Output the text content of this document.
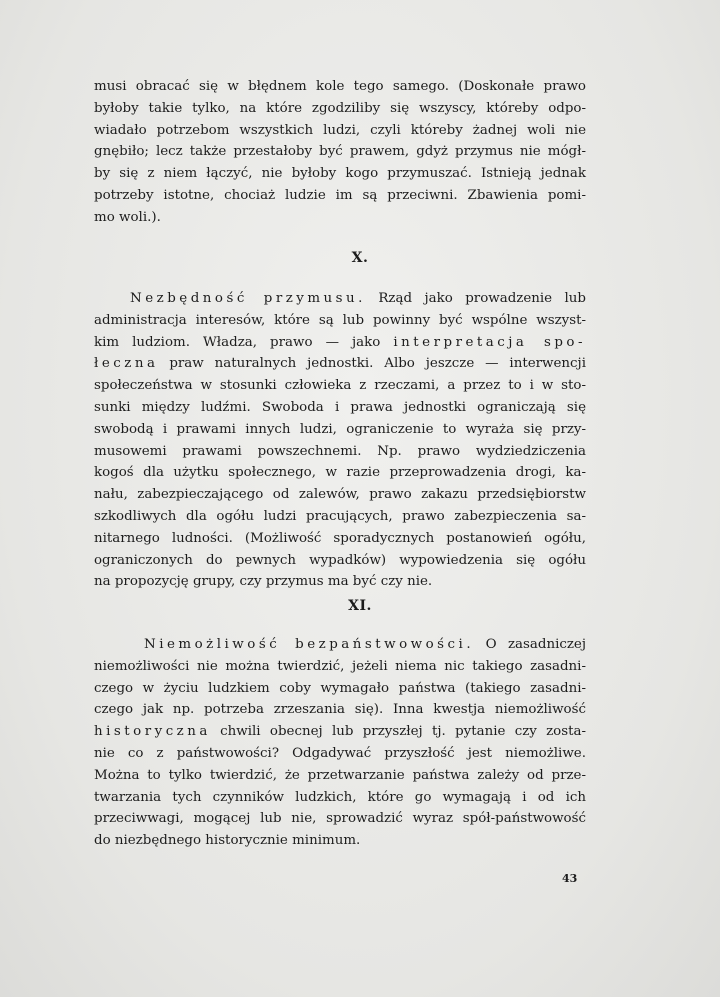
musi obracać się w błędnem kole tego samego. (Doskonałe prawo
byłoby takie tylko, na które zgodziliby się wszyscy, któreby odpo-
wiadało potrzebom wszystkich ludzi, czyli któreby żadnej woli nie
gnębiło; lecz także przestałoby być prawem, gdyż przymus nie mógł-
by się z niem łączyć, nie byłoby kogo przymuszać. Istnieją jednak
potrzeby istotne, chociaż ludzie im są przeciwni. Zbawienia pomi-
mo woli.).
X.
Nezbędność przymusu. Rząd jako prowadzenie lub
administracja interesów, które są lub powinny być wspólne wszyst-
kim ludziom. Władza, prawo — jako interpretacja spo-
łeczna praw naturalnych jednostki. Albo jeszcze — interwencji
społeczeństwa w stosunki człowieka z rzeczami, a przez to i w sto-
sunki między ludźmi. Swoboda i prawa jednostki ograniczają się
swobodą i prawami innych ludzi, ograniczenie to wyraża się przy-
musowemi prawami powszechnemi. Np. prawo wydziedziczenia
kogoś dla użytku społecznego, w razie przeprowadzenia drogi, ka-
nału, zabezpieczającego od zalewów, prawo zakazu przedsiębiorstw
szkodliwych dla ogółu ludzi pracujących, prawo zabezpieczenia sa-
nitarnego ludności. (Możliwość sporadycznych postanowień ogółu,
ograniczonych do pewnych wypadków) wypowiedzenia się ogółu
na propozycję grupy, czy przymus ma być czy nie.
XI.
Niemożliwość bezpaństwowości. O zasadniczej
niemożliwości nie można twierdzić, jeżeli niema nic takiego zasadni-
czego w życiu ludzkiem coby wymagało państwa (takiego zasadni-
czego jak np. potrzeba zrzeszania się). Inna kwestja niemożliwość
historyczna chwili obecnej lub przyszłej tj. pytanie czy zosta-
nie co z państwowości? Odgadywać przyszłość jest niemożliwe.
Można to tylko twierdzić, że przetwarzanie państwa zależy od prze-
twarzania tych czynników ludzkich, które go wymagają i od ich
przeciwwagi, mogącej lub nie, sprowadzić wyraz spół-państwowość
do niezbędnego historycznie minimum.
43
